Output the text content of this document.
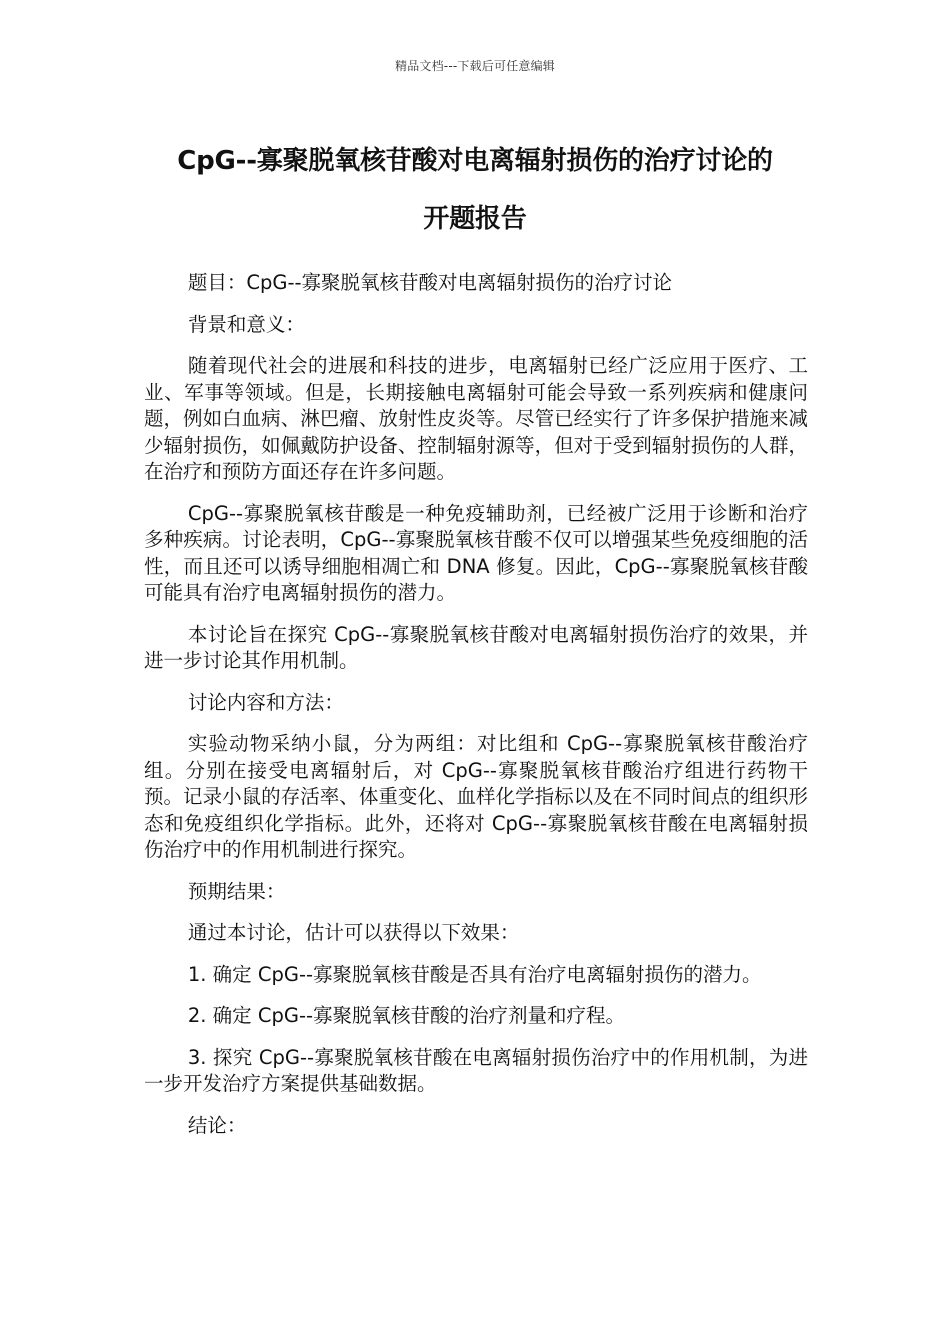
精品文档---下载后可任意编辑
CpG--寡聚脱氧核苷酸对电离辐射损伤的治疗讨论的
开题报告

题目：CpG--寡聚脱氧核苷酸对电离辐射损伤的治疗讨论

背景和意义：

随着现代社会的进展和科技的进步，电离辐射已经广泛应用于医疗、工业、军事等领域。但是，长期接触电离辐射可能会导致一系列疾病和健康问题，例如白血病、淋巴瘤、放射性皮炎等。尽管已经实行了许多保护措施来减少辐射损伤，如佩戴防护设备、控制辐射源等，但对于受到辐射损伤的人群，在治疗和预防方面还存在许多问题。

CpG--寡聚脱氧核苷酸是一种免疫辅助剂，已经被广泛用于诊断和治疗多种疾病。讨论表明，CpG--寡聚脱氧核苷酸不仅可以增强某些免疫细胞的活性，而且还可以诱导细胞相凋亡和 DNA 修复。因此，CpG--寡聚脱氧核苷酸可能具有治疗电离辐射损伤的潜力。

本讨论旨在探究 CpG--寡聚脱氧核苷酸对电离辐射损伤治疗的效果，并进一步讨论其作用机制。

讨论内容和方法：

实验动物采纳小鼠，分为两组：对比组和 CpG--寡聚脱氧核苷酸治疗组。分别在接受电离辐射后，对 CpG--寡聚脱氧核苷酸治疗组进行药物干预。记录小鼠的存活率、体重变化、血样化学指标以及在不同时间点的组织形态和免疫组织化学指标。此外，还将对 CpG--寡聚脱氧核苷酸在电离辐射损伤治疗中的作用机制进行探究。

预期结果：

通过本讨论，估计可以获得以下效果：

1. 确定 CpG--寡聚脱氧核苷酸是否具有治疗电离辐射损伤的潜力。

2. 确定 CpG--寡聚脱氧核苷酸的治疗剂量和疗程。

3. 探究 CpG--寡聚脱氧核苷酸在电离辐射损伤治疗中的作用机制，为进一步开发治疗方案提供基础数据。

结论：
